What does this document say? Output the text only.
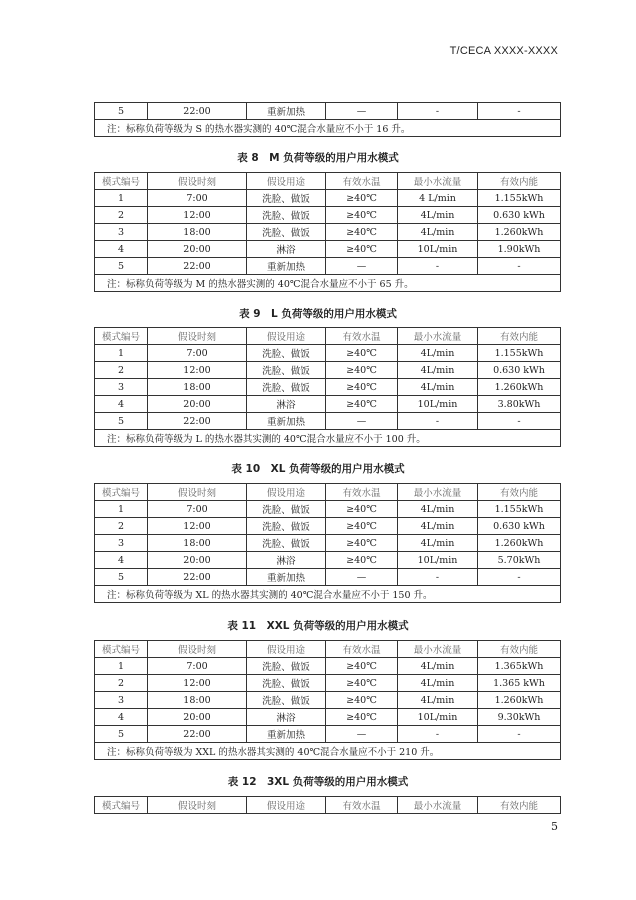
T/CECA XXXX-XXXX
5	22:00	重新加热	—	-	-
注：标称负荷等级为 S 的热水器实测的 40℃混合水量应不小于 16 升。
表 8　M 负荷等级的用户用水模式
模式编号	假设时刻	假设用途	有效水温	最小水流量	有效内能
1	7:00	洗脸、做饭	≥40℃	4 L/min	1.155kWh
2	12:00	洗脸、做饭	≥40℃	4L/min	0.630 kWh
3	18:00	洗脸、做饭	≥40℃	4L/min	1.260kWh
4	20:00	淋浴	≥40℃	10L/min	1.90kWh
5	22:00	重新加热	—	-	-
注：标称负荷等级为 M 的热水器实测的 40℃混合水量应不小于 65 升。					
表 9　L 负荷等级的用户用水模式
模式编号	假设时刻	假设用途	有效水温	最小水流量	有效内能
1	7:00	洗脸、做饭	≥40℃	4L/min	1.155kWh
2	12:00	洗脸、做饭	≥40℃	4L/min	0.630 kWh
3	18:00	洗脸、做饭	≥40℃	4L/min	1.260kWh
4	20:00	淋浴	≥40℃	10L/min	3.80kWh
5	22:00	重新加热	—	-	-
注：标称负荷等级为 L 的热水器其实测的 40℃混合水量应不小于 100 升。					
表 10　XL 负荷等级的用户用水模式
模式编号	假设时刻	假设用途	有效水温	最小水流量	有效内能
1	7:00	洗脸、做饭	≥40℃	4L/min	1.155kWh
2	12:00	洗脸、做饭	≥40℃	4L/min	0.630 kWh
3	18:00	洗脸、做饭	≥40℃	4L/min	1.260kWh
4	20:00	淋浴	≥40℃	10L/min	5.70kWh
5	22:00	重新加热	—	-	-
注：标称负荷等级为 XL 的热水器其实测的 40℃混合水量应不小于 150 升。					
表 11　XXL 负荷等级的用户用水模式
模式编号	假设时刻	假设用途	有效水温	最小水流量	有效内能
1	7:00	洗脸、做饭	≥40℃	4L/min	1.365kWh
2	12:00	洗脸、做饭	≥40℃	4L/min	1.365 kWh
3	18:00	洗脸、做饭	≥40℃	4L/min	1.260kWh
4	20:00	淋浴	≥40℃	10L/min	9.30kWh
5	22:00	重新加热	—	-	-
注：标称负荷等级为 XXL 的热水器其实测的 40℃混合水量应不小于 210 升。					
表 12　3XL 负荷等级的用户用水模式
模式编号	假设时刻	假设用途	有效水温	最小水流量	有效内能
5
